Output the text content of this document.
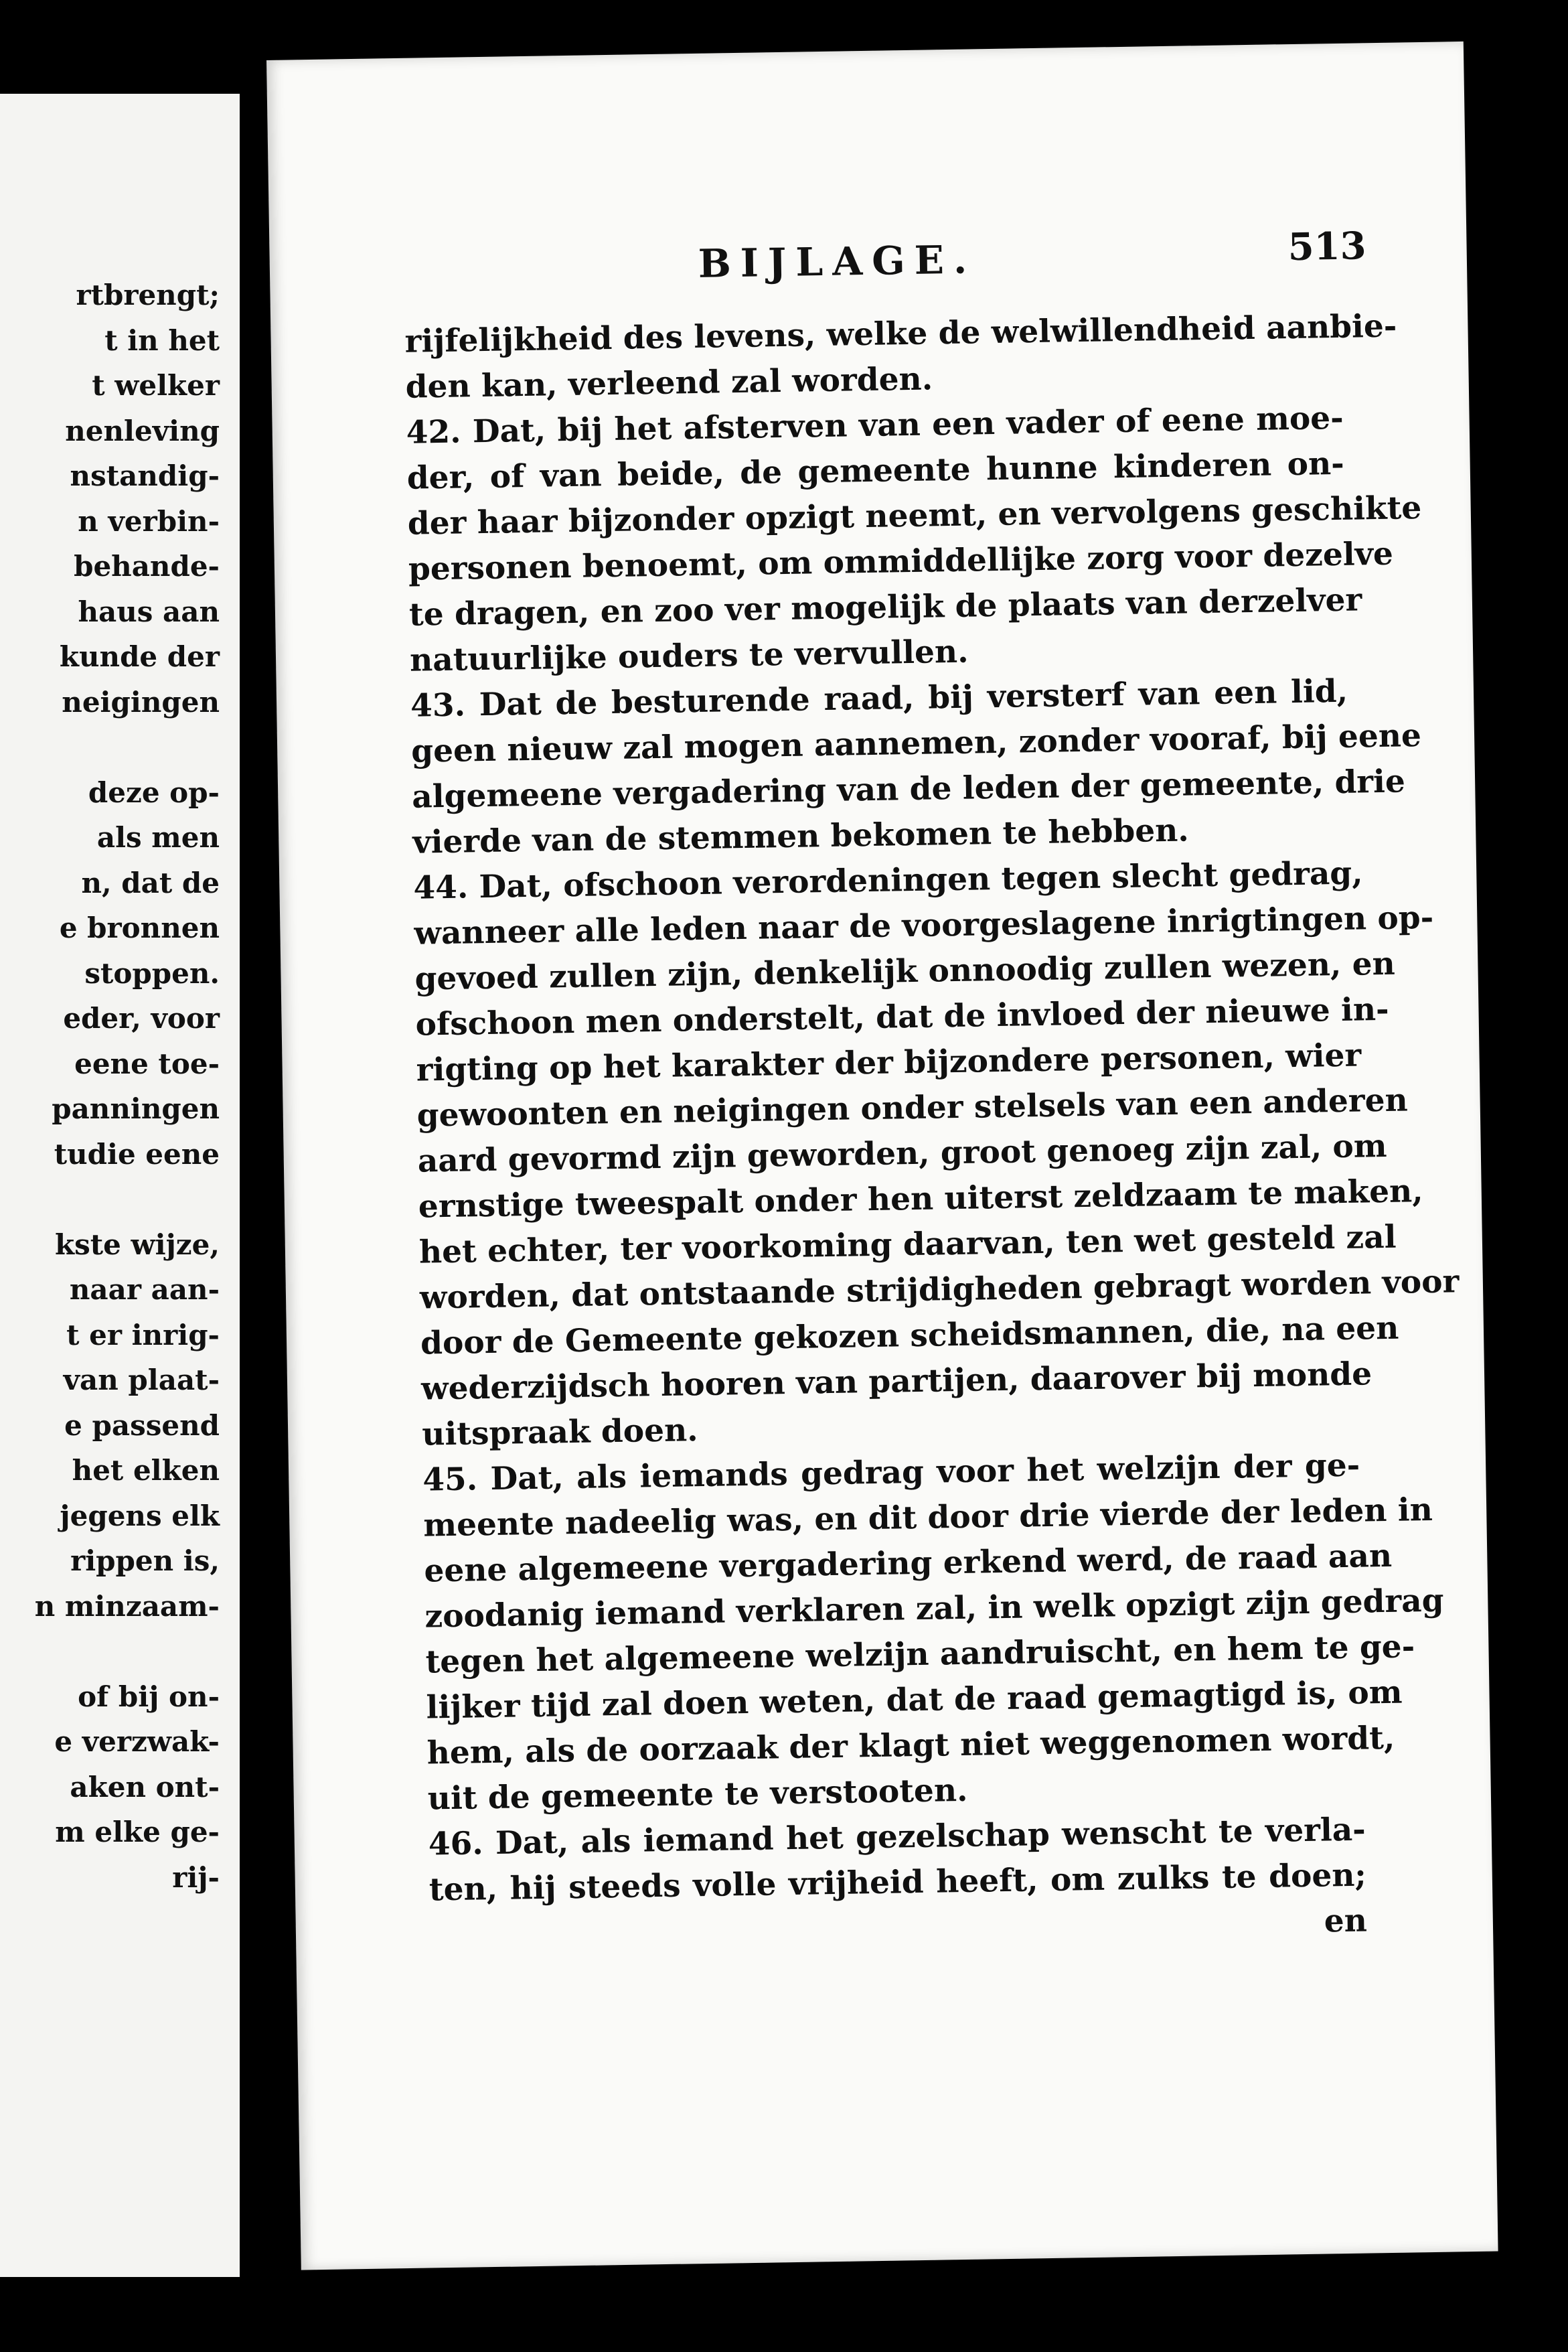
rtbrengt;
t in het
t welker
nenleving
nstandig-
n verbin-
behande-
haus aan
kunde der
neigingen
deze op-
als men
n, dat de
e bronnen
stoppen.
eder, voor
eene toe-
panningen
tudie eene
kste wijze,
naar aan-
t er inrig-
van plaat-
e passend
het elken
jegens elk
rippen is,
n minzaam-
of bij on-
e verzwak-
aken ont-
m elke ge-
rij-
BIJLAGE.	513
rijfelijkheid des levens, welke de welwillendheid aanbie-
den kan, verleend zal worden.
42. Dat, bij het afsterven van een vader of eene moe-
der, of van beide, de gemeente hunne kinderen on-
der haar bijzonder opzigt neemt, en vervolgens geschikte
personen benoemt, om ommiddellijke zorg voor dezelve
te dragen, en zoo ver mogelijk de plaats van derzelver
natuurlijke ouders te vervullen.
43. Dat de besturende raad, bij versterf van een lid,
geen nieuw zal mogen aannemen, zonder vooraf, bij eene
algemeene vergadering van de leden der gemeente, drie
vierde van de stemmen bekomen te hebben.
44. Dat, ofschoon verordeningen tegen slecht gedrag,
wanneer alle leden naar de voorgeslagene inrigtingen op-
gevoed zullen zijn, denkelijk onnoodig zullen wezen, en
ofschoon men onderstelt, dat de invloed der nieuwe in-
rigting op het karakter der bijzondere personen, wier
gewoonten en neigingen onder stelsels van een anderen
aard gevormd zijn geworden, groot genoeg zijn zal, om
ernstige tweespalt onder hen uiterst zeldzaam te maken,
het echter, ter voorkoming daarvan, ten wet gesteld zal
worden, dat ontstaande strijdigheden gebragt worden voor
door de Gemeente gekozen scheidsmannen, die, na een
wederzijdsch hooren van partijen, daarover bij monde
uitspraak doen.
45. Dat, als iemands gedrag voor het welzijn der ge-
meente nadeelig was, en dit door drie vierde der leden in
eene algemeene vergadering erkend werd, de raad aan
zoodanig iemand verklaren zal, in welk opzigt zijn gedrag
tegen het algemeene welzijn aandruischt, en hem te ge-
lijker tijd zal doen weten, dat de raad gemagtigd is, om
hem, als de oorzaak der klagt niet weggenomen wordt,
uit de gemeente te verstooten.
46. Dat, als iemand het gezelschap wenscht te verla-
ten, hij steeds volle vrijheid heeft, om zulks te doen;
en
